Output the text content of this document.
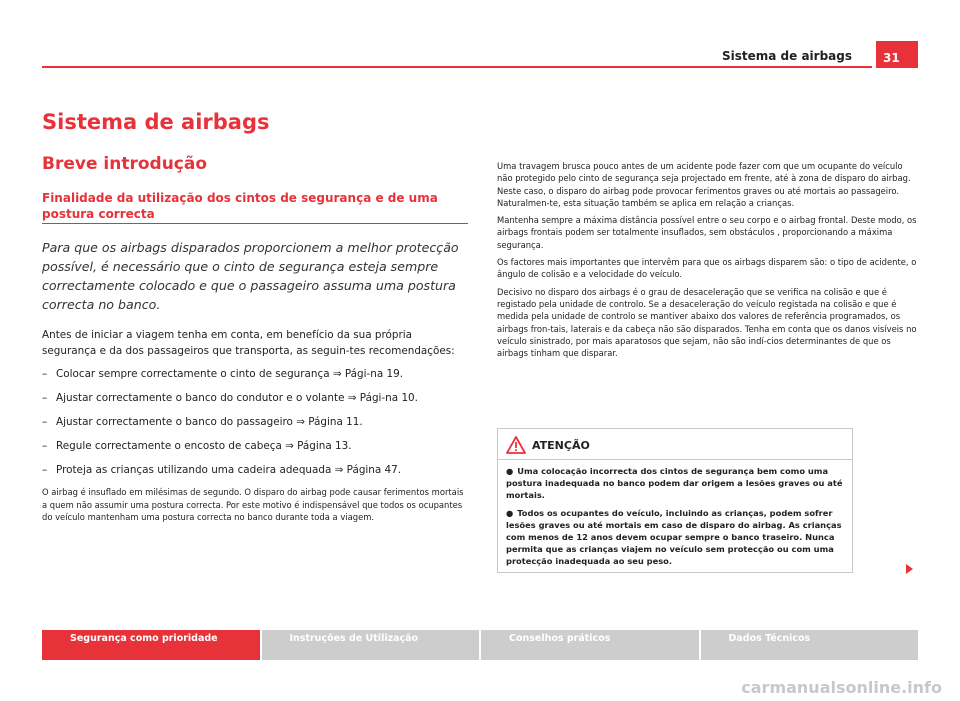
Sistema de airbags	31
Sistema de airbags
Breve introdução
Finalidade da utilização dos cintos de segurança e de uma postura correcta

Para que os airbags disparados proporcionem a melhor protecção possível, é necessário que o cinto de segurança esteja sempre correctamente colocado e que o passageiro assuma uma postura correcta no banco.

Antes de iniciar a viagem tenha em conta, em benefício da sua própria segurança e da dos passageiros que transporta, as seguin-tes recomendações:

– Colocar sempre correctamente o cinto de segurança ⇒ Pági-na 19.
– Ajustar correctamente o banco do condutor e o volante ⇒ Pági-na 10.
– Ajustar correctamente o banco do passageiro ⇒ Página 11.
– Regule correctamente o encosto de cabeça ⇒ Página 13.
– Proteja as crianças utilizando uma cadeira adequada ⇒ Página 47.

O airbag é insuflado em milésimas de segundo. O disparo do airbag pode causar ferimentos mortais a quem não assumir uma postura correcta. Por este motivo é indispensável que todos os ocupantes do veículo mantenham uma postura correcta no banco durante toda a viagem.

Uma travagem brusca pouco antes de um acidente pode fazer com que um ocupante do veículo não protegido pelo cinto de segurança seja projectado em frente, até à zona de disparo do airbag. Neste caso, o disparo do airbag pode provocar ferimentos graves ou até mortais ao passageiro. Naturalmen-te, esta situação também se aplica em relação a crianças.

Mantenha sempre a máxima distância possível entre o seu corpo e o airbag frontal. Deste modo, os airbags frontais podem ser totalmente insuflados, sem obstáculos , proporcionando a máxima segurança.

Os factores mais importantes que intervêm para que os airbags disparem são: o tipo de acidente, o ângulo de colisão e a velocidade do veículo.

Decisivo no disparo dos airbags é o grau de desaceleração que se verifica na colisão e que é registado pela unidade de controlo. Se a desaceleração do veículo registada na colisão e que é medida pela unidade de controlo se mantiver abaixo dos valores de referência programados, os airbags fron-tais, laterais e da cabeça não são disparados. Tenha em conta que os danos visíveis no veículo sinistrado, por mais aparatosos que sejam, não são indí-cios determinantes de que os airbags tinham que disparar.

ATENÇÃO

● Uma colocação incorrecta dos cintos de segurança bem como uma postura inadequada no banco podem dar origem a lesões graves ou até mortais.

● Todos os ocupantes do veículo, incluindo as crianças, podem sofrer lesões graves ou até mortais em caso de disparo do airbag. As crianças com menos de 12 anos devem ocupar sempre o banco traseiro. Nunca permita que as crianças viajem no veículo sem protecção ou com uma protecção inadequada ao seu peso.

Segurança como prioridade	Instruções de Utilização	Conselhos práticos	Dados Técnicos
carmanualsonline.info
